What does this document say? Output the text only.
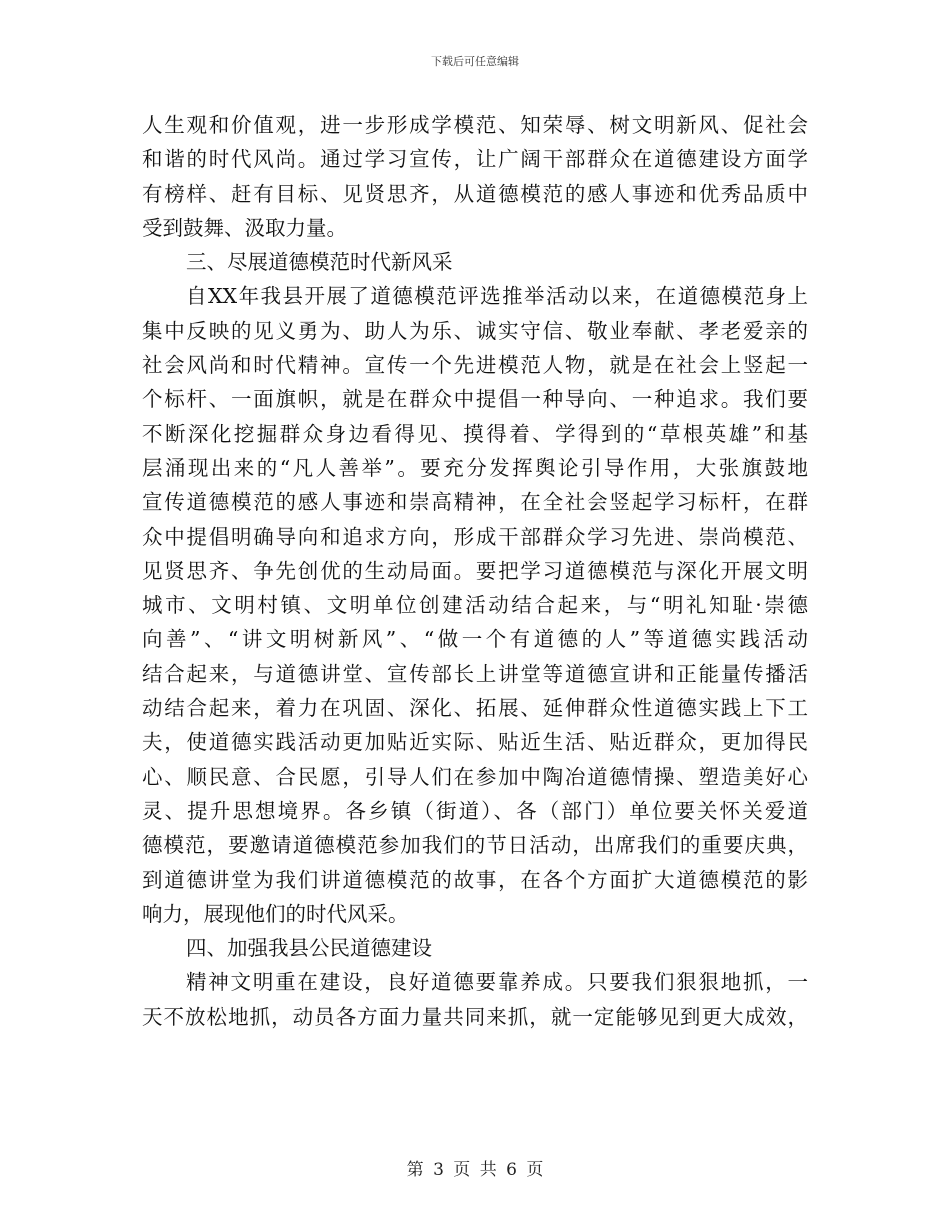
下载后可任意编辑
人生观和价值观，进一步形成学模范、知荣辱、树文明新风、促社会
和谐的时代风尚。通过学习宣传，让广阔干部群众在道德建设方面学
有榜样、赶有目标、见贤思齐，从道德模范的感人事迹和优秀品质中
受到鼓舞、汲取力量。
三、尽展道德模范时代新风采
自XX年我县开展了道德模范评选推举活动以来，在道德模范身上
集中反映的见义勇为、助人为乐、诚实守信、敬业奉献、孝老爱亲的
社会风尚和时代精神。宣传一个先进模范人物，就是在社会上竖起一
个标杆、一面旗帜，就是在群众中提倡一种导向、一种追求。我们要
不断深化挖掘群众身边看得见、摸得着、学得到的“草根英雄”和基
层涌现出来的“凡人善举”。要充分发挥舆论引导作用，大张旗鼓地
宣传道德模范的感人事迹和崇高精神，在全社会竖起学习标杆，在群
众中提倡明确导向和追求方向，形成干部群众学习先进、崇尚模范、
见贤思齐、争先创优的生动局面。要把学习道德模范与深化开展文明
城市、文明村镇、文明单位创建活动结合起来，与“明礼知耻·崇德
向善”、“讲文明树新风”、“做一个有道德的人”等道德实践活动
结合起来，与道德讲堂、宣传部长上讲堂等道德宣讲和正能量传播活
动结合起来，着力在巩固、深化、拓展、延伸群众性道德实践上下工
夫，使道德实践活动更加贴近实际、贴近生活、贴近群众，更加得民
心、顺民意、合民愿，引导人们在参加中陶冶道德情操、塑造美好心
灵、提升思想境界。各乡镇（街道）、各（部门）单位要关怀关爱道
德模范，要邀请道德模范参加我们的节日活动，出席我们的重要庆典，
到道德讲堂为我们讲道德模范的故事，在各个方面扩大道德模范的影
响力，展现他们的时代风采。
四、加强我县公民道德建设
精神文明重在建设，良好道德要靠养成。只要我们狠狠地抓，一
天不放松地抓，动员各方面力量共同来抓，就一定能够见到更大成效，
第 3 页 共 6 页
